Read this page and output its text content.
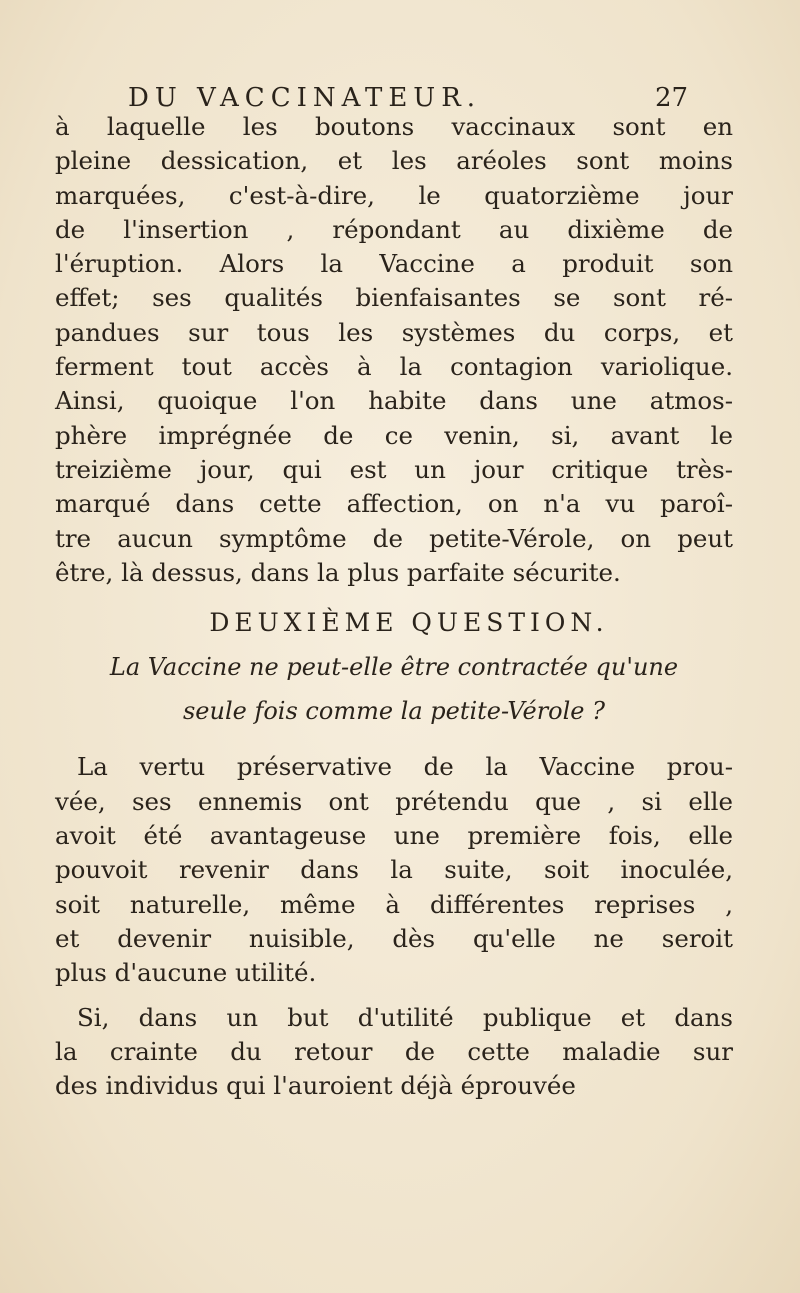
DU VACCINATEUR.	27
à laquelle les boutons vaccinaux sont en
pleine dessication, et les aréoles sont moins
marquées, c'est-à-dire, le quatorzième jour
de l'insertion , répondant au dixième de
l'éruption. Alors la Vaccine a produit son
effet; ses qualités bienfaisantes se sont ré-
pandues sur tous les systèmes du corps, et
ferment tout accès à la contagion variolique.
Ainsi, quoique l'on habite dans une atmos-
phère imprégnée de ce venin, si, avant le
treizième jour, qui est un jour critique très-
marqué dans cette affection, on n'a vu paroî-
tre aucun symptôme de petite-Vérole, on peut
être, là dessus, dans la plus parfaite sécurite.
DEUXIÈME QUESTION.
La Vaccine ne peut-elle être contractée qu'une
seule fois comme la petite-Vérole ?
La vertu préservative de la Vaccine prou-
vée, ses ennemis ont prétendu que , si elle
avoit été avantageuse une première fois, elle
pouvoit revenir dans la suite, soit inoculée,
soit naturelle, même à différentes reprises ,
et devenir nuisible, dès qu'elle ne seroit
plus d'aucune utilité.
Si, dans un but d'utilité publique et dans
la crainte du retour de cette maladie sur
des individus qui l'auroient déjà éprouvée
